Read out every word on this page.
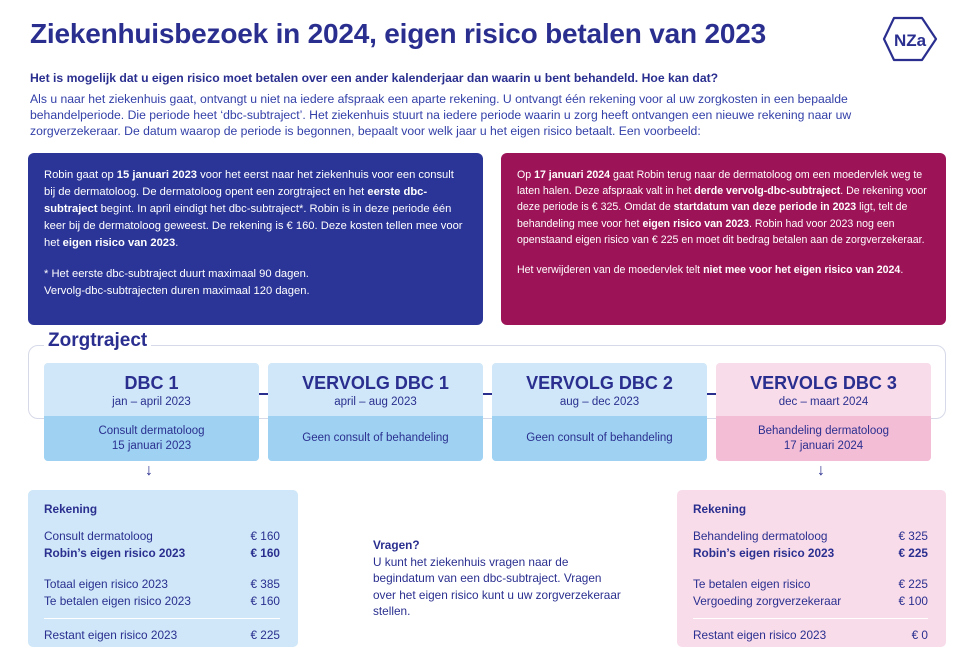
Ziekenhuisbezoek in 2024, eigen risico betalen van 2023	NZa
Het is mogelijk dat u eigen risico moet betalen over een ander kalenderjaar dan waarin u bent behandeld. Hoe kan dat?
Als u naar het ziekenhuis gaat, ontvangt u niet na iedere afspraak een aparte rekening. U ontvangt één rekening voor al uw zorgkosten in een bepaalde behandelperiode. Die periode heet ‘dbc-subtraject’. Het ziekenhuis stuurt na iedere periode waarin u zorg heeft ontvangen een nieuwe rekening naar uw zorgverzekeraar. De datum waarop de periode is begonnen, bepaalt voor welk jaar u het eigen risico betaalt. Een voorbeeld:

Robin gaat op 15 januari 2023 voor het eerst naar het ziekenhuis voor een consult bij de dermatoloog. De dermatoloog opent een zorgtraject en het eerste dbc-subtraject begint. In april eindigt het dbc-subtraject*. Robin is in deze periode één keer bij de dermatoloog geweest. De rekening is € 160. Deze kosten tellen mee voor het eigen risico van 2023.

* Het eerste dbc-subtraject duurt maximaal 90 dagen.
Vervolg-dbc-subtrajecten duren maximaal 120 dagen.

Op 17 januari 2024 gaat Robin terug naar de dermatoloog om een moedervlek weg te laten halen. Deze afspraak valt in het derde vervolg-dbc-subtraject. De rekening voor deze periode is € 325. Omdat de startdatum van deze periode in 2023 ligt, telt de behandeling mee voor het eigen risico van 2023. Robin had voor 2023 nog een openstaand eigen risico van € 225 en moet dit bedrag betalen aan de zorgverzekeraar.

Het verwijderen van de moedervlek telt niet mee voor het eigen risico van 2024.

Zorgtraject
DBC 1
jan – april 2023
Consult dermatoloog
15 januari 2023
VERVOLG DBC 1
april – aug 2023
Geen consult of behandeling
VERVOLG DBC 2
aug – dec 2023
Geen consult of behandeling
VERVOLG DBC 3
dec – maart 2024
Behandeling dermatoloog
17 januari 2024
↓	↓
Rekening
Consult dermatoloog	€ 160
Robin’s eigen risico 2023	€ 160
Totaal eigen risico 2023	€ 385
Te betalen eigen risico 2023	€ 160
Restant eigen risico 2023	€ 225
Vragen?
U kunt het ziekenhuis vragen naar de begindatum van een dbc-subtraject. Vragen over het eigen risico kunt u uw zorgverzekeraar stellen.
Rekening
Behandeling dermatoloog	€ 325
Robin’s eigen risico 2023	€ 225
Te betalen eigen risico	€ 225
Vergoeding zorgverzekeraar	€ 100
Restant eigen risico 2023	€ 0
